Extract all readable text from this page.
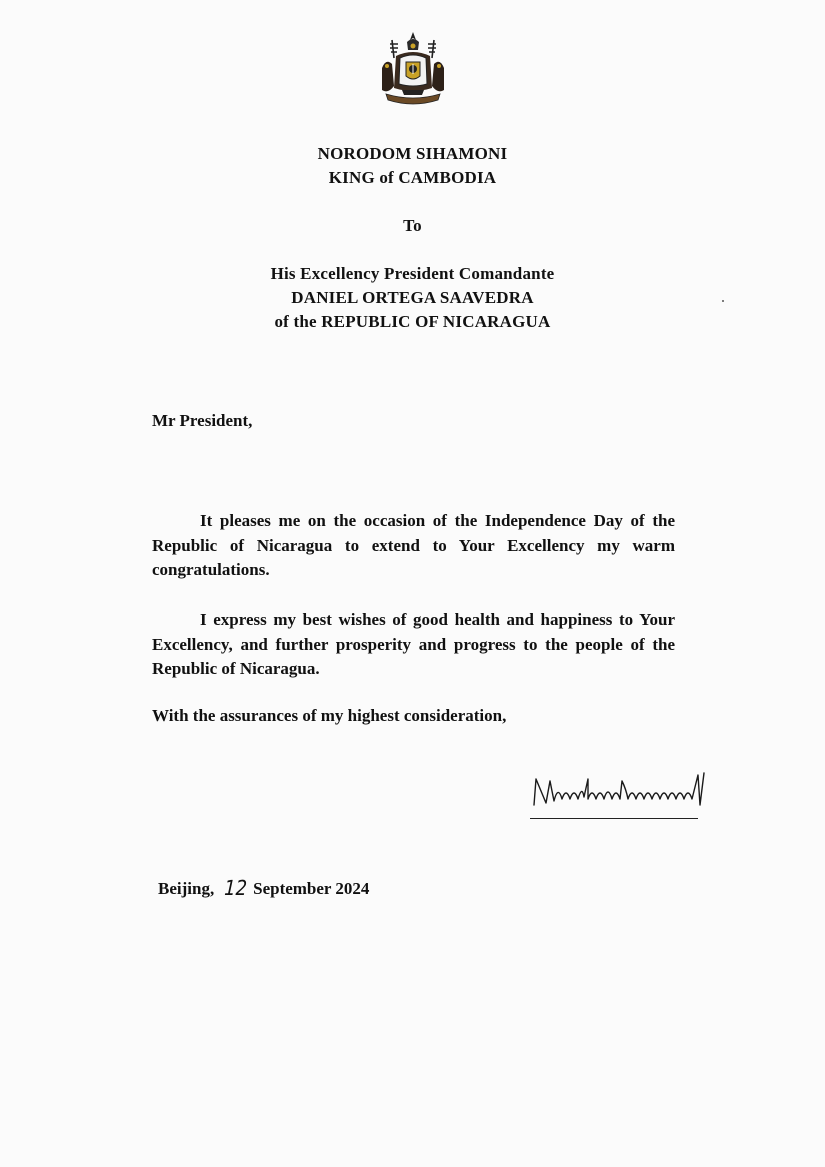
NORODOM SIHAMONI
KING of CAMBODIA
To
His Excellency President Comandante
DANIEL ORTEGA SAAVEDRA
of the REPUBLIC OF NICARAGUA
Mr President,
It pleases me on the occasion of the Independence Day of the Republic of Nicaragua to extend to Your Excellency my warm congratulations.
I express my best wishes of good health and happiness to Your Excellency, and further prosperity and progress to the people of the Republic of Nicaragua.
With the assurances of my highest consideration,
Beijing, 12 September 2024
